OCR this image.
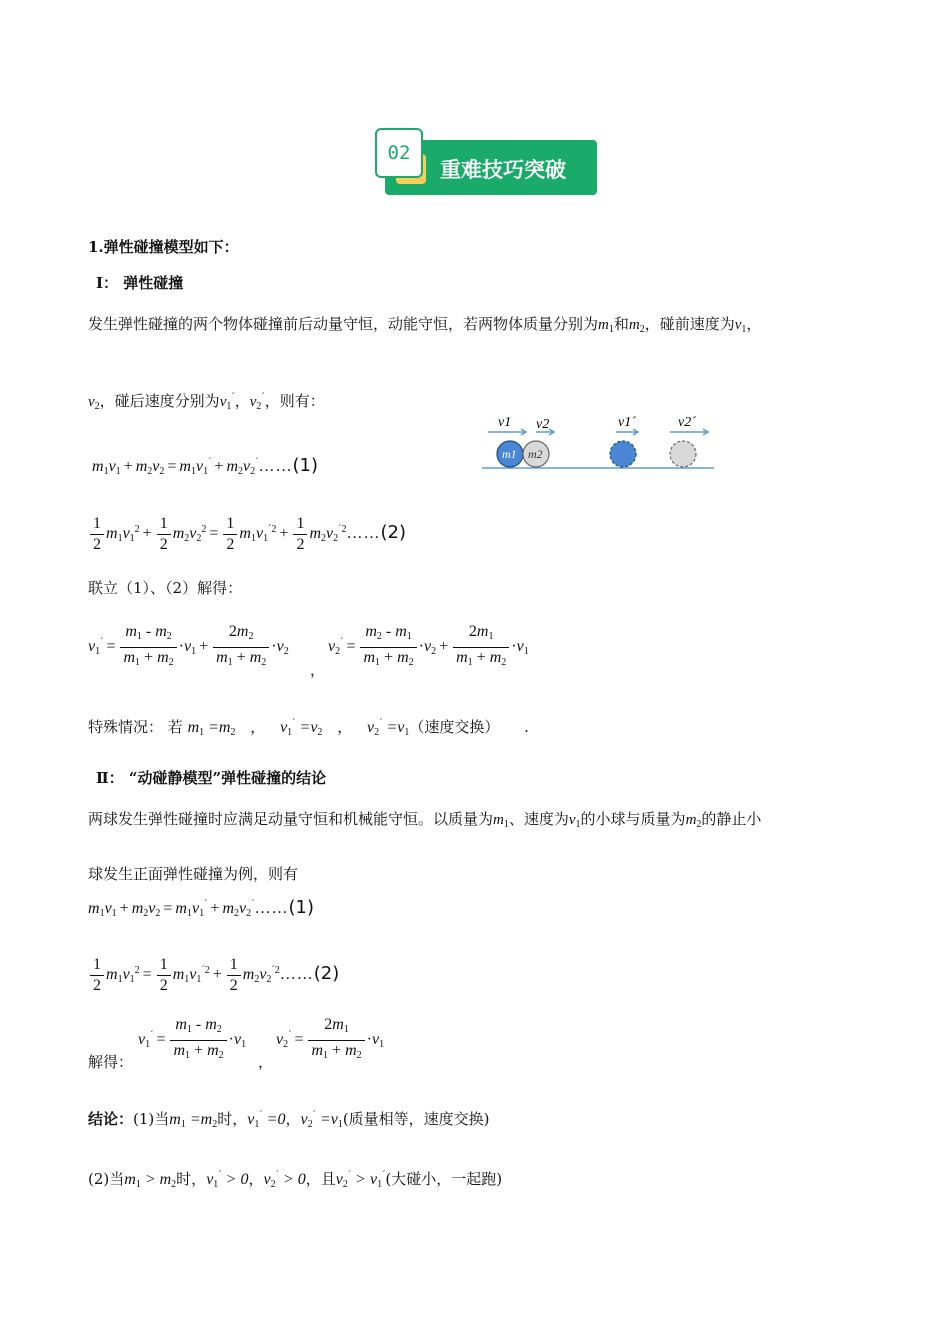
02
重难技巧突破
1.弹性碰撞模型如下：
Ⅰ： 弹性碰撞
发生弹性碰撞的两个物体碰撞前后动量守恒，动能守恒，若两物体质量分别为$m_1$和$m_2$，碰前速度为$v_1$，
$v_2$，碰后速度分别为$v_1^´$，$v_2^´$，则有：
v1 v2	v1´	v2´
m1 m2
$m_1v_1 + m_2v_2 = m_1v_1^´$ + $m_2v_2^´\dots\dots(1)$
$\frac{1}{2} m_1v_1^2 + \frac{1}{2} m_2v_2^2 = \frac{1}{2} m_1v_1^{´2} + \frac{1}{2}$ $m_2v_2^{´2}\dots\dots(2)$
联立（1）、（2）解得：
$v_1^´ = \frac{m_1 - m_2}{m_1 + m_2} \cdot v_1 + \frac{2m_2}{m_1 + m_2} \cdot v_2$
，
$v_2^´ = \frac{m_2 - m_1}{m_1 + m_2} \cdot v_2 + \frac{2m_1}{m_1 + m_2} \cdot v_1$
特殊情况： 若 $m_1 =m_2$ ， $v_1^´ =v_2$ ， $v_2^´ =v_1$（速度交换） .
Ⅱ： “动碰静模型”弹性碰撞的结论
两球发生弹性碰撞时应满足动量守恒和机械能守恒。以质量为$m_1$、速度为$v_1$的小球与质量为$m_2$的静止小
球发生正面弹性碰撞为例，则有
$m_1v_1 + m_2v_2 = m_1v_1^´$ + $m_2v_2^´\dots\dots(1)$
$\frac{1}{2} m_1v_1^2 = \frac{1}{2} m_1v_1^{´2} + \frac{1}{2}$ $m_2v_2^{´2}\dots\dots(2)$
$v_1^´ = \frac{m_1 - m_2}{m_1 + m_2} \cdot v_1$ $v_2^´ = \frac{2m_1}{m_1 + m_2} \cdot v_1$
解得：	，
结论：(1)当$m_1 =m_2$时，$v_1^´ =0$，$v_2^´ =v_1$(质量相等，速度交换)
(2)当$m_1 > m_2$时，$v_1^´ > 0$，$v_2^´ > 0$，且$v_2^´ > v_1^´$(大碰小，一起跑)
